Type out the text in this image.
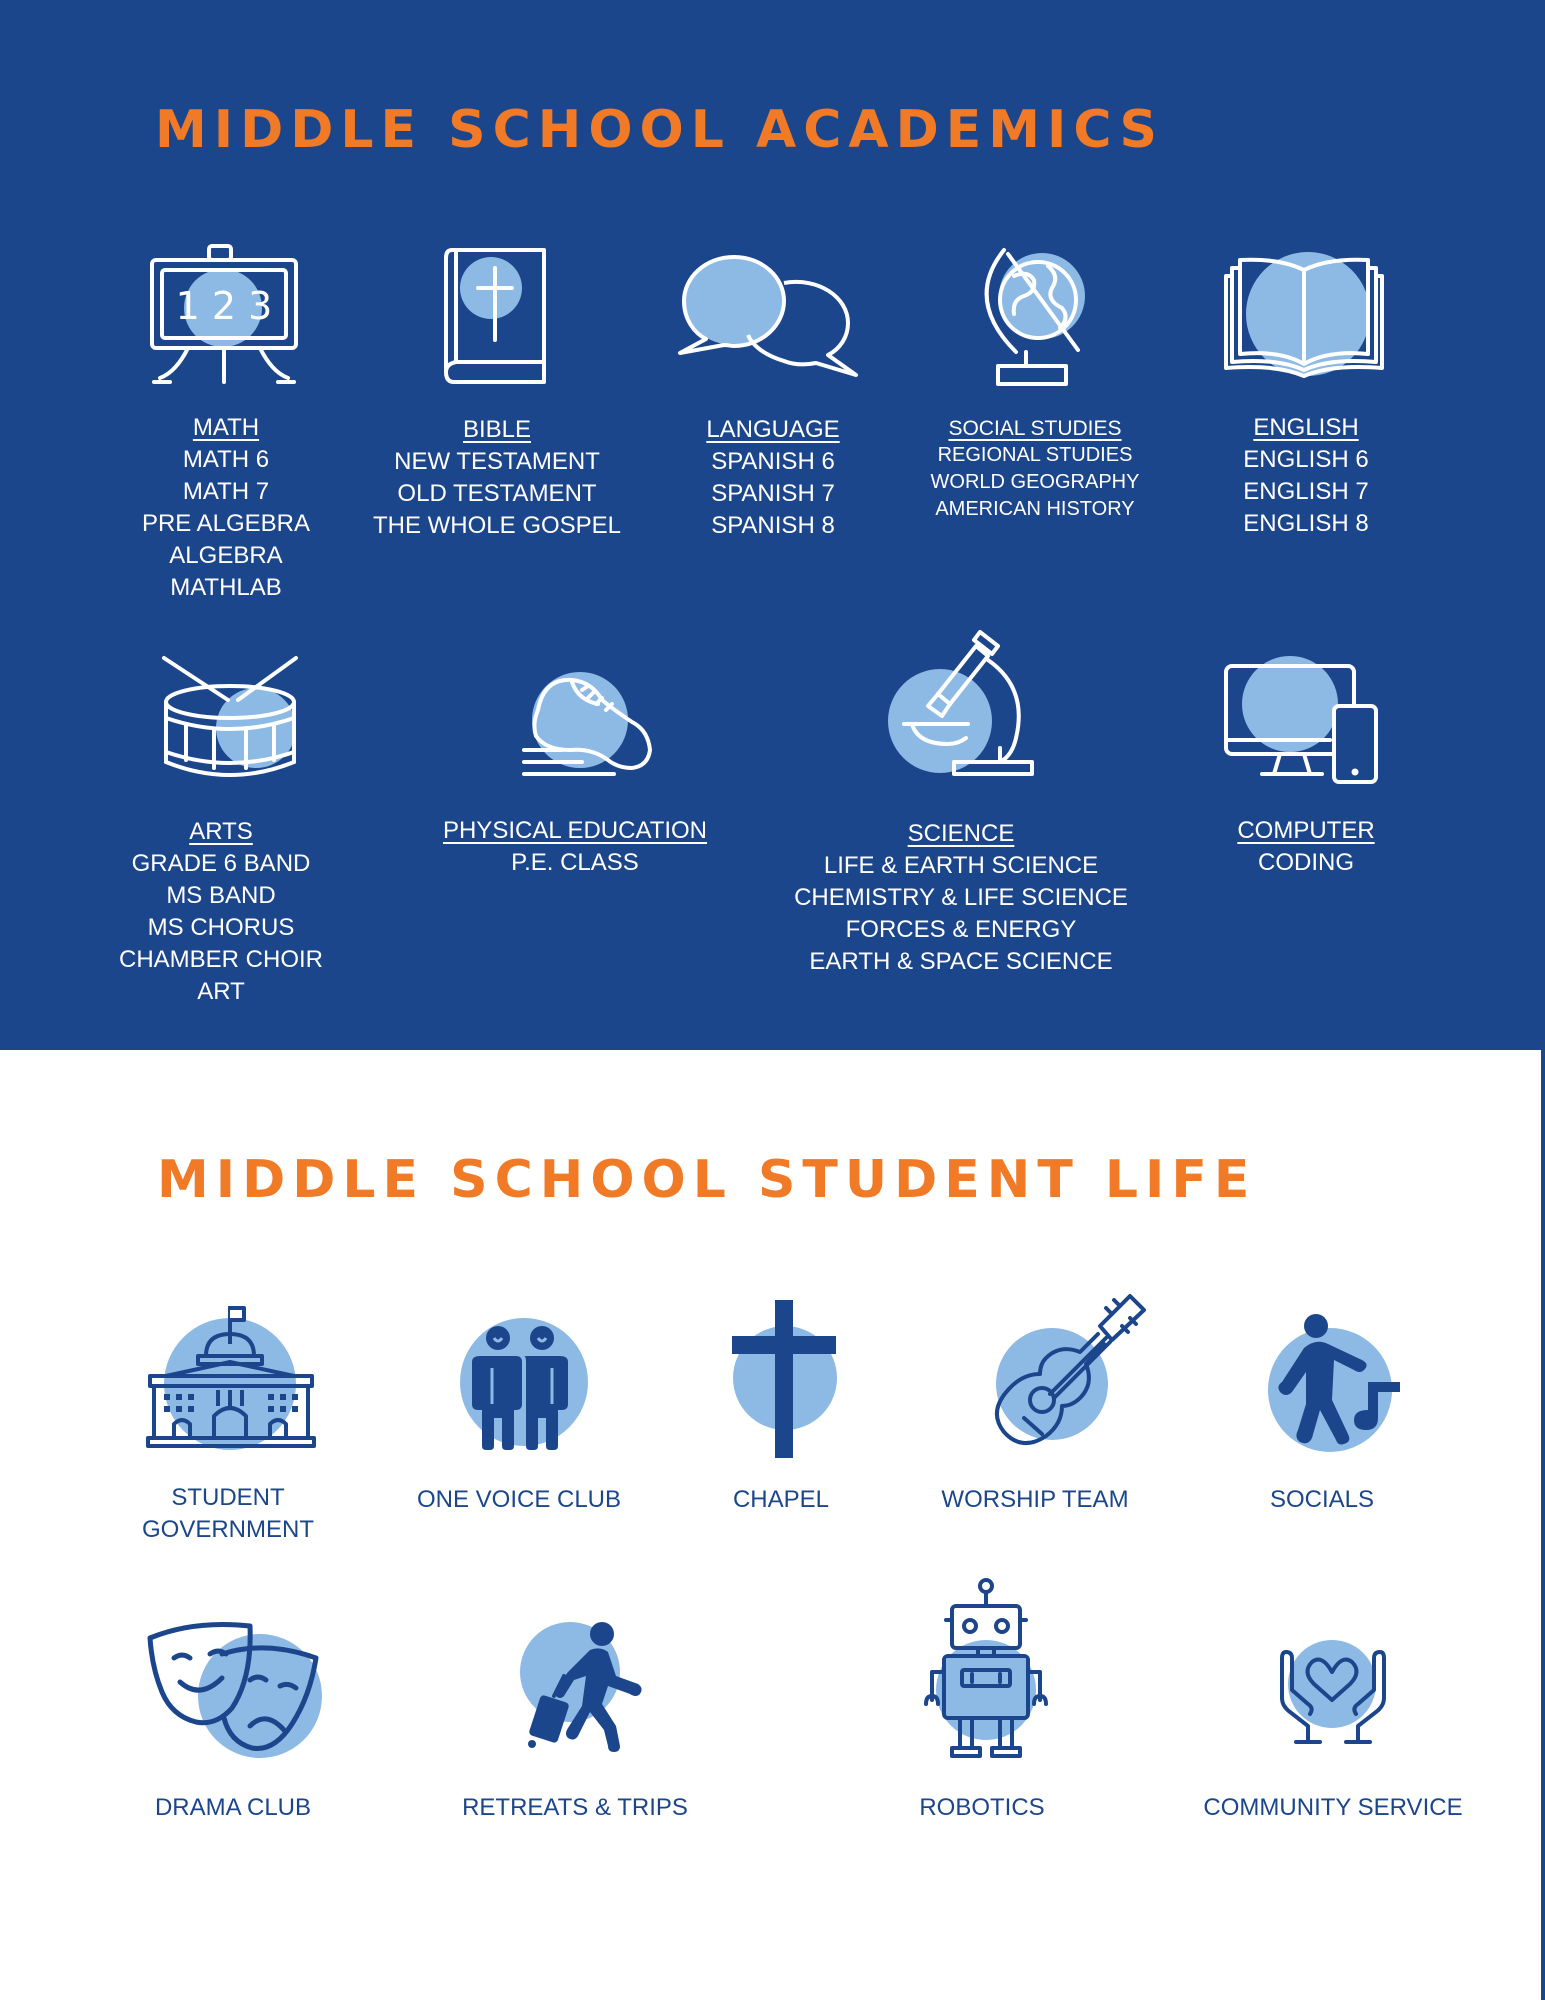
MIDDLE SCHOOL ACADEMICS
1 2 3
MATH
MATH 6
MATH 7
PRE ALGEBRA
ALGEBRA
MATHLAB
BIBLE
NEW TESTAMENT
OLD TESTAMENT
THE WHOLE GOSPEL
LANGUAGE
SPANISH 6
SPANISH 7
SPANISH 8
SOCIAL STUDIES
REGIONAL STUDIES
WORLD GEOGRAPHY
AMERICAN HISTORY
ENGLISH
ENGLISH 6
ENGLISH 7
ENGLISH 8
ARTS
GRADE 6 BAND
MS BAND
MS CHORUS
CHAMBER CHOIR
ART
PHYSICAL EDUCATION
P.E. CLASS
SCIENCE
LIFE & EARTH SCIENCE
CHEMISTRY & LIFE SCIENCE
FORCES & ENERGY
EARTH & SPACE SCIENCE
COMPUTER
CODING
MIDDLE SCHOOL STUDENT LIFE
STUDENT
GOVERNMENT
ONE VOICE CLUB	CHAPEL	WORSHIP TEAM	SOCIALS
DRAMA CLUB	RETREATS & TRIPS	ROBOTICS	COMMUNITY SERVICE
